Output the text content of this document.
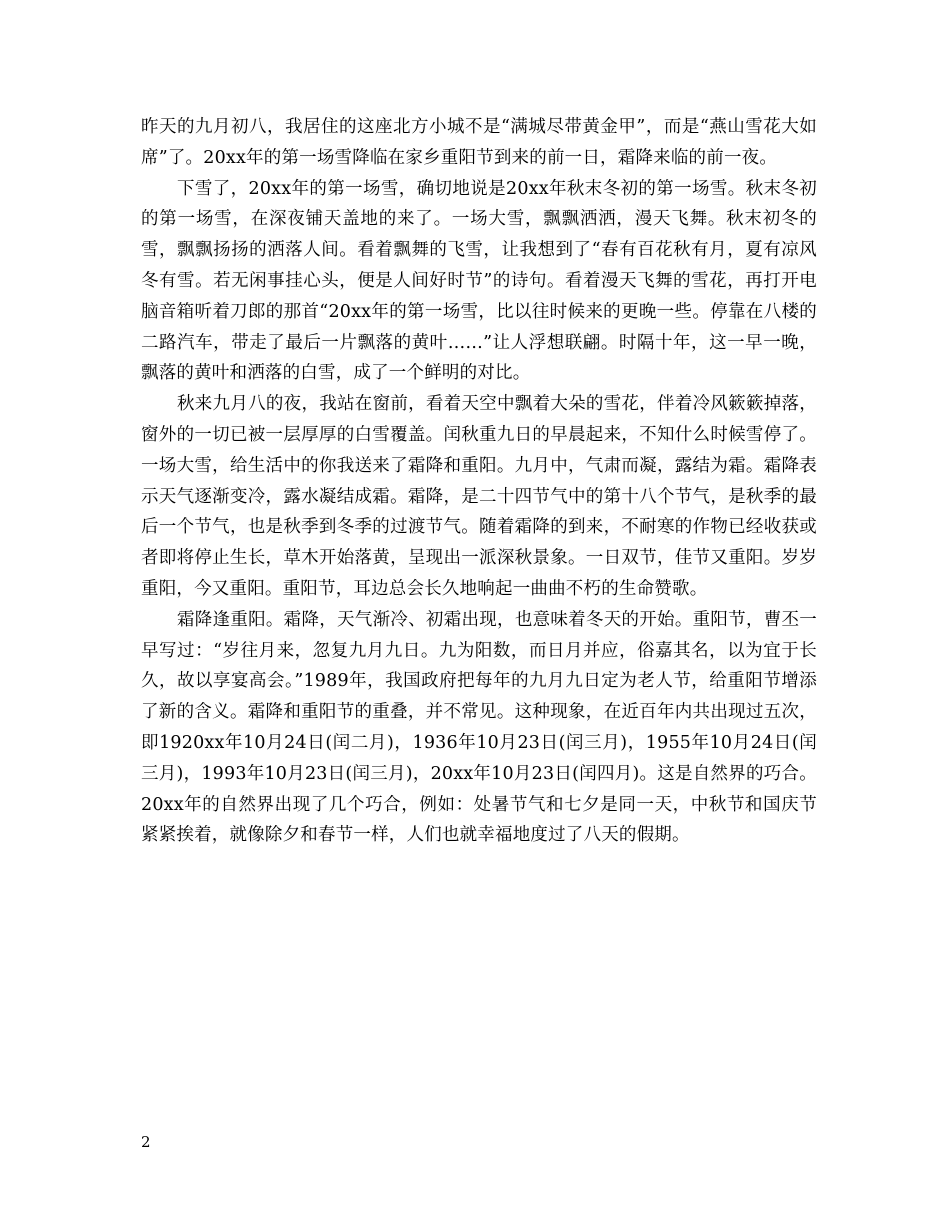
昨天的九月初八，我居住的这座北方小城不是“满城尽带黄金甲”，而是“燕山雪花大如席”了。20xx年的第一场雪降临在家乡重阳节到来的前一日，霜降来临的前一夜。

下雪了，20xx年的第一场雪，确切地说是20xx年秋末冬初的第一场雪。秋末冬初的第一场雪，在深夜铺天盖地的来了。一场大雪，飘飘洒洒，漫天飞舞。秋末初冬的雪，飘飘扬扬的洒落人间。看着飘舞的飞雪，让我想到了“春有百花秋有月，夏有凉风冬有雪。若无闲事挂心头，便是人间好时节”的诗句。看着漫天飞舞的雪花，再打开电脑音箱听着刀郎的那首“20xx年的第一场雪，比以往时候来的更晚一些。停靠在八楼的二路汽车，带走了最后一片飘落的黄叶……”让人浮想联翩。时隔十年，这一早一晚，飘落的黄叶和洒落的白雪，成了一个鲜明的对比。

秋来九月八的夜，我站在窗前，看着天空中飘着大朵的雪花，伴着冷风簌簌掉落，窗外的一切已被一层厚厚的白雪覆盖。闰秋重九日的早晨起来，不知什么时候雪停了。一场大雪，给生活中的你我送来了霜降和重阳。九月中，气肃而凝，露结为霜。霜降表示天气逐渐变冷，露水凝结成霜。霜降，是二十四节气中的第十八个节气，是秋季的最后一个节气，也是秋季到冬季的过渡节气。随着霜降的到来，不耐寒的作物已经收获或者即将停止生长，草木开始落黄，呈现出一派深秋景象。一日双节，佳节又重阳。岁岁重阳，今又重阳。重阳节，耳边总会长久地响起一曲曲不朽的生命赞歌。

霜降逢重阳。霜降，天气渐冷、初霜出现，也意味着冬天的开始。重阳节，曹丕一早写过：“岁往月来，忽复九月九日。九为阳数，而日月并应，俗嘉其名，以为宜于长久，故以享宴高会。”1989年，我国政府把每年的九月九日定为老人节，给重阳节增添了新的含义。霜降和重阳节的重叠，并不常见。这种现象，在近百年内共出现过五次，即1920xx年10月24日(闰二月)，1936年10月23日(闰三月)，1955年10月24日(闰三月)，1993年10月23日(闰三月)，20xx年10月23日(闰四月)。这是自然界的巧合。20xx年的自然界出现了几个巧合，例如：处暑节气和七夕是同一天，中秋节和国庆节紧紧挨着，就像除夕和春节一样，人们也就幸福地度过了八天的假期。

2
